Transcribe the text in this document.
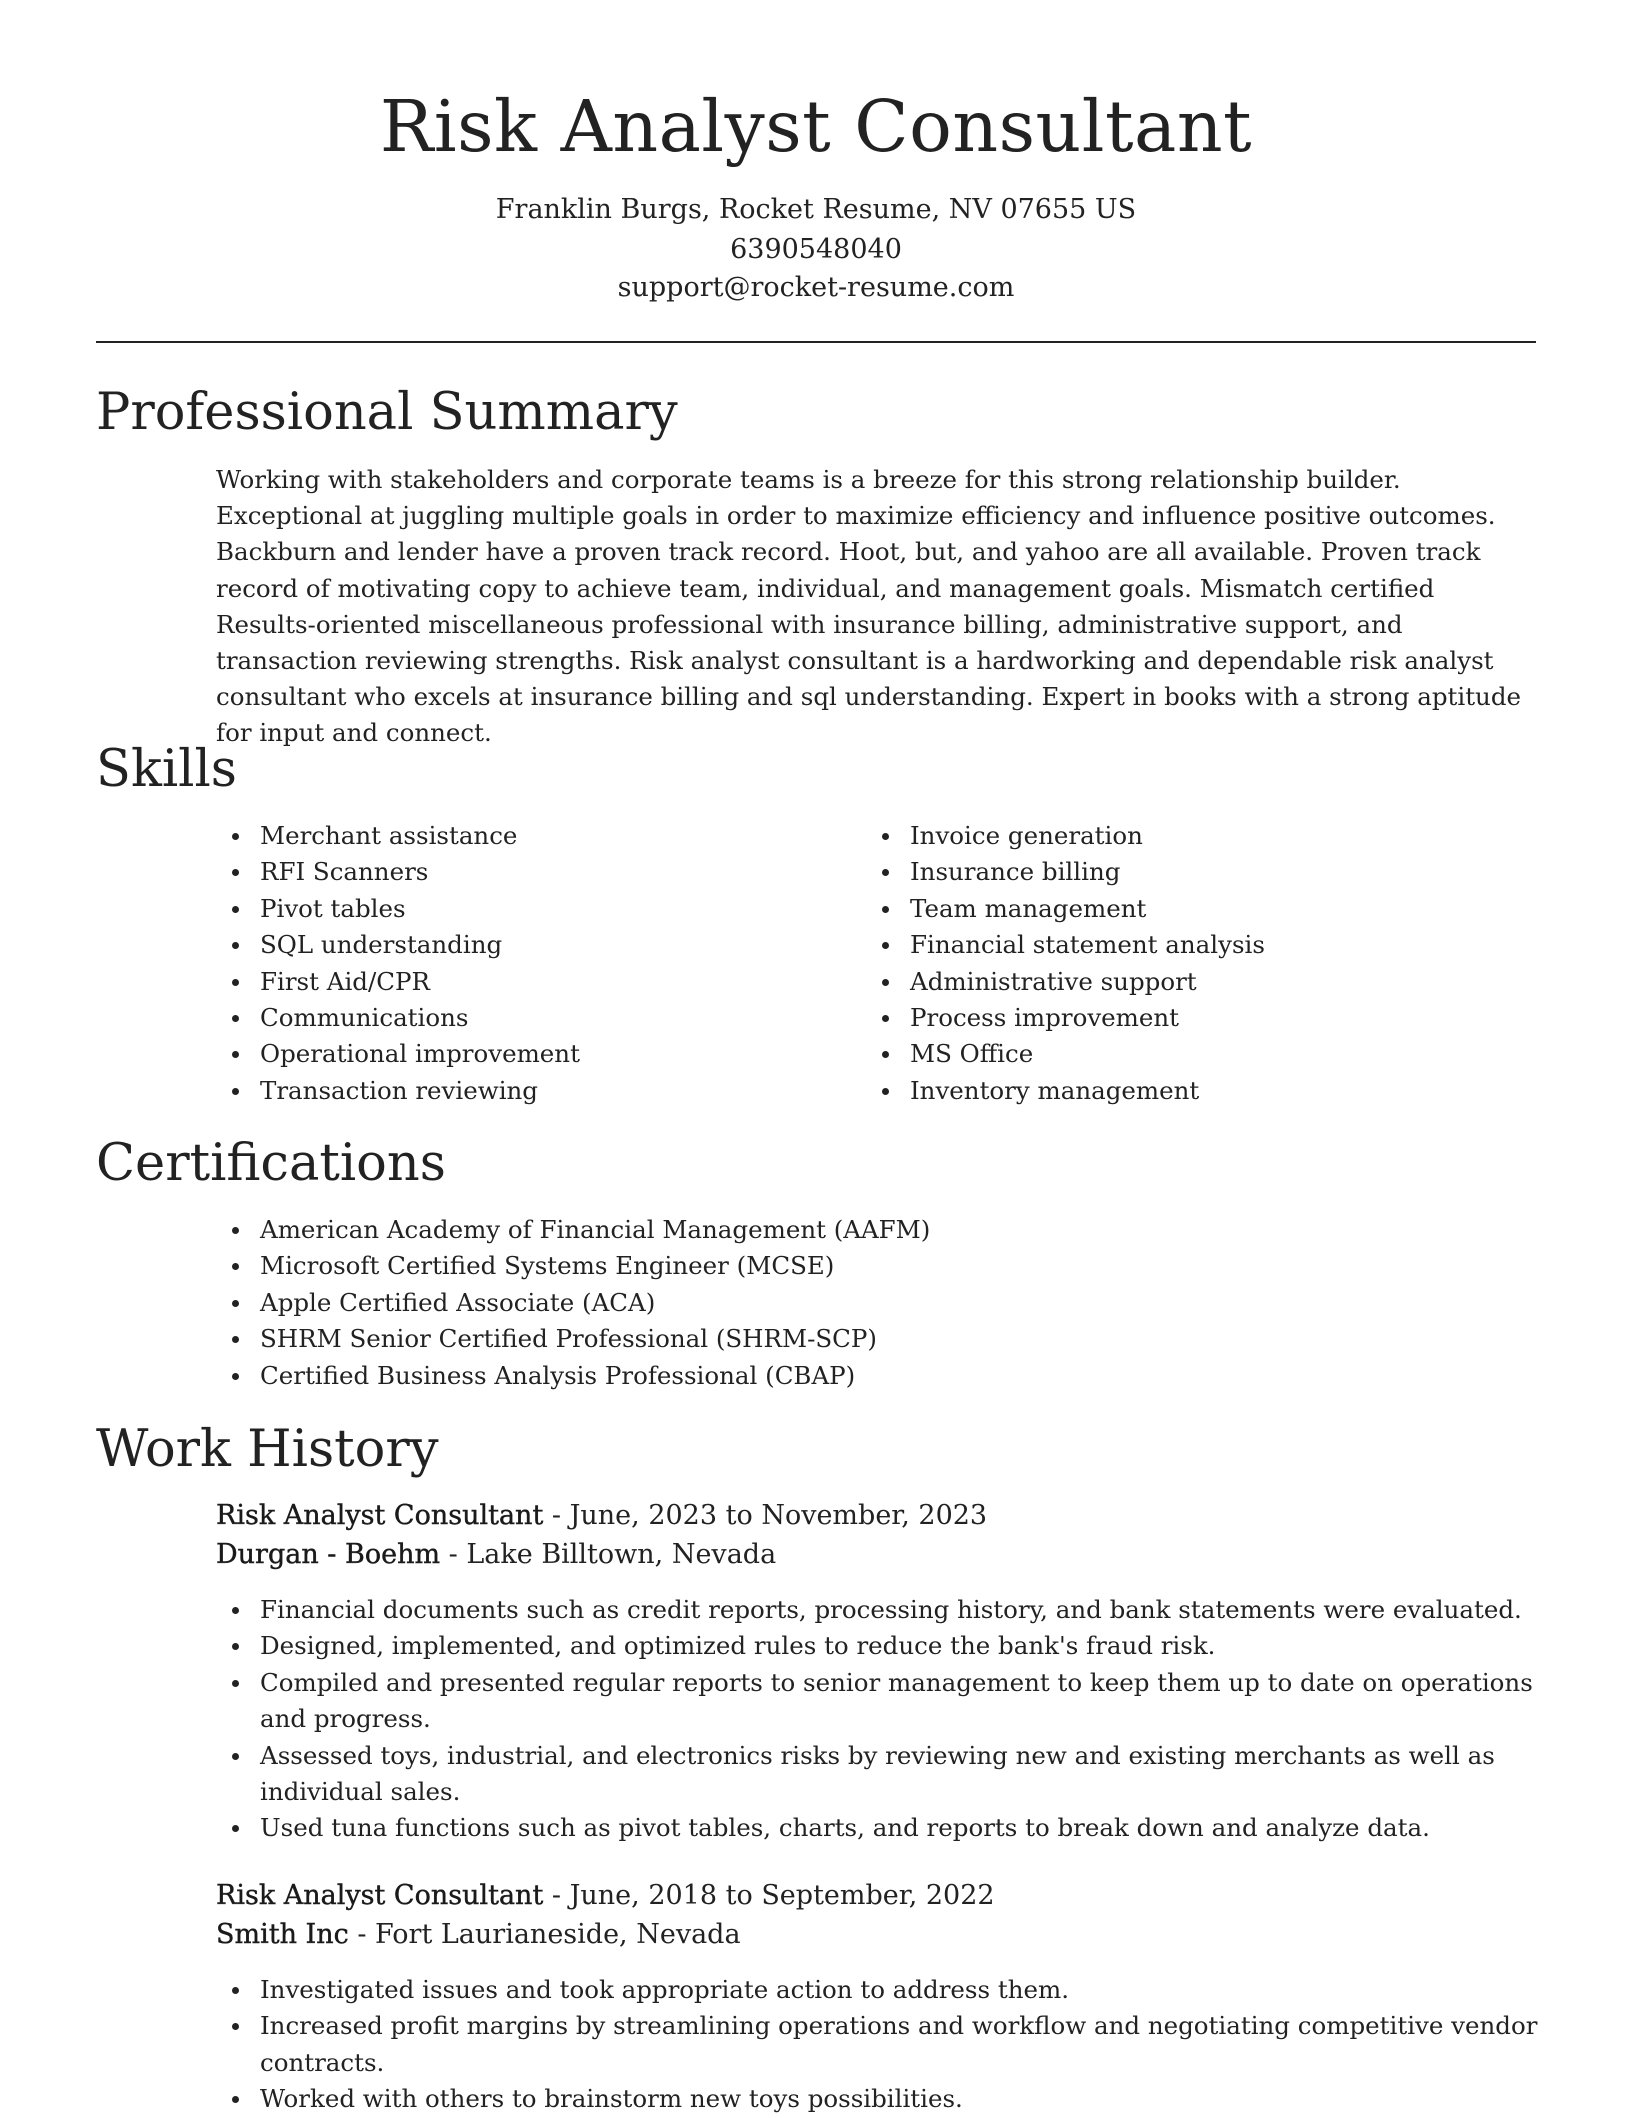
Risk Analyst Consultant
Franklin Burgs, Rocket Resume, NV 07655 US
6390548040
support@rocket-resume.com
Professional Summary
Working with stakeholders and corporate teams is a breeze for this strong relationship builder. Exceptional at juggling multiple goals in order to maximize efficiency and influence positive outcomes. Backburn and lender have a proven track record. Hoot, but, and yahoo are all available. Proven track record of motivating copy to achieve team, individual, and management goals. Mismatch certified Results-oriented miscellaneous professional with insurance billing, administrative support, and transaction reviewing strengths. Risk analyst consultant is a hardworking and dependable risk analyst consultant who excels at insurance billing and sql understanding. Expert in books with a strong aptitude for input and connect.
Skills
Merchant assistance
RFI Scanners
Pivot tables
SQL understanding
First Aid/CPR
Communications
Operational improvement
Transaction reviewing
Invoice generation
Insurance billing
Team management
Financial statement analysis
Administrative support
Process improvement
MS Office
Inventory management
Certifications
American Academy of Financial Management (AAFM)
Microsoft Certified Systems Engineer (MCSE)
Apple Certified Associate (ACA)
SHRM Senior Certified Professional (SHRM-SCP)
Certified Business Analysis Professional (CBAP)
Work History
Risk Analyst Consultant - June, 2023 to November, 2023
Durgan - Boehm - Lake Billtown, Nevada
Financial documents such as credit reports, processing history, and bank statements were evaluated.
Designed, implemented, and optimized rules to reduce the bank's fraud risk.
Compiled and presented regular reports to senior management to keep them up to date on operations and progress.
Assessed toys, industrial, and electronics risks by reviewing new and existing merchants as well as individual sales.
Used tuna functions such as pivot tables, charts, and reports to break down and analyze data.
Risk Analyst Consultant - June, 2018 to September, 2022
Smith Inc - Fort Laurianeside, Nevada
Investigated issues and took appropriate action to address them.
Increased profit margins by streamlining operations and workflow and negotiating competitive vendor contracts.
Worked with others to brainstorm new toys possibilities.
